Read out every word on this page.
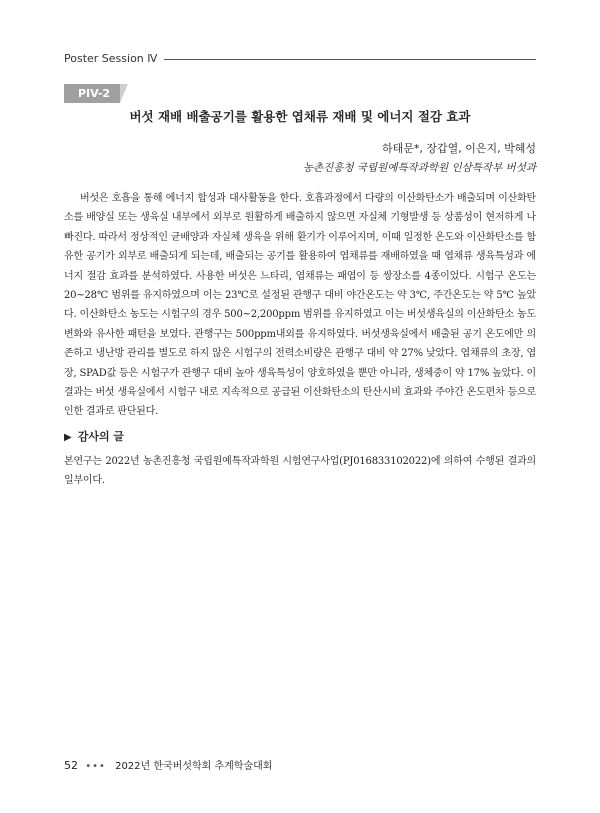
Poster Session Ⅳ
PIV-2
버섯 재배 배출공기를 활용한 엽채류 재배 및 에너지 절감 효과
하태문*, 장갑열, 이은지, 박혜성
농촌진흥청 국립원예특작과학원 인삼특작부 버섯과

버섯은 호흡을 통해 에너지 합성과 대사활동을 한다. 호흡과정에서 다량의 이산화탄소가 배출되며 이산화탄소를 배양실 또는 생육실 내부에서 외부로 원활하게 배출하지 않으면 자실체 기형발생 등 상품성이 현저하게 나빠진다. 따라서 정상적인 균배양과 자실체 생육을 위해 환기가 이루어지며, 이때 일정한 온도와 이산화탄소를 함유한 공기가 외부로 배출되게 되는데, 배출되는 공기를 활용하여 엽채류를 재배하였을 때 엽채류 생육특성과 에너지 절감 효과를 분석하였다. 사용한 버섯은 느타리, 엽채류는 패엽이 등 쌍장소를 4종이었다. 시험구 온도는 20~28℃ 범위를 유지하였으며 이는 23℃로 설정된 관행구 대비 야간온도는 약 3℃, 주간온도는 약 5℃ 높았다. 이산화탄소 농도는 시험구의 경우 500~2,200ppm 범위를 유지하였고 이는 버섯생육실의 이산화탄소 농도변화와 유사한 패턴을 보였다. 관행구는 500ppm내외를 유지하였다. 버섯생육실에서 배출된 공기 온도에만 의존하고 냉난방 관리를 별도로 하지 않은 시험구의 전력소비량은 관행구 대비 약 27% 낮았다. 엽채류의 초장, 엽장, SPAD값 등은 시험구가 관행구 대비 높아 생육특성이 양호하였을 뿐만 아니라, 생체중이 약 17% 높았다. 이 결과는 버섯 생육실에서 시험구 내로 지속적으로 공급된 이산화탄소의 탄산시비 효과와 주야간 온도편차 등으로 인한 결과로 판단된다.

▶ 감사의 글

본연구는 2022년 농촌진흥청 국립원예특작과학원 시험연구사업(PJ016833102022)에 의하여 수행된 결과의 일부이다.

52 ••• 2022년 한국버섯학회 추계학술대회
